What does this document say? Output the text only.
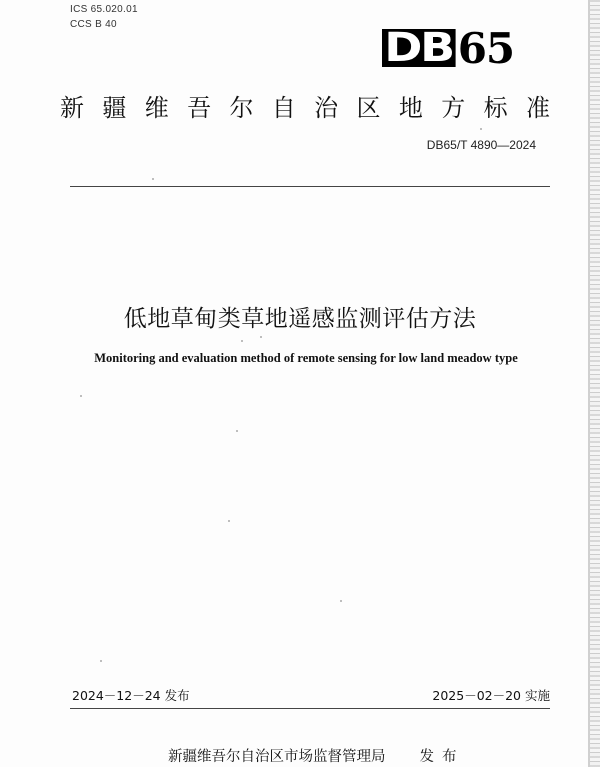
ICS 65.020.01
CCS B 40
DB 65
新 疆 维 吾 尔 自 治 区 地 方 标 准
DB65/T 4890—2024
低地草甸类草地遥感监测评估方法
Monitoring and evaluation method of remote sensing for low land meadow type
2024－12－24 发布	2025－02－20 实施
新疆维吾尔自治区市场监督管理局 发布
